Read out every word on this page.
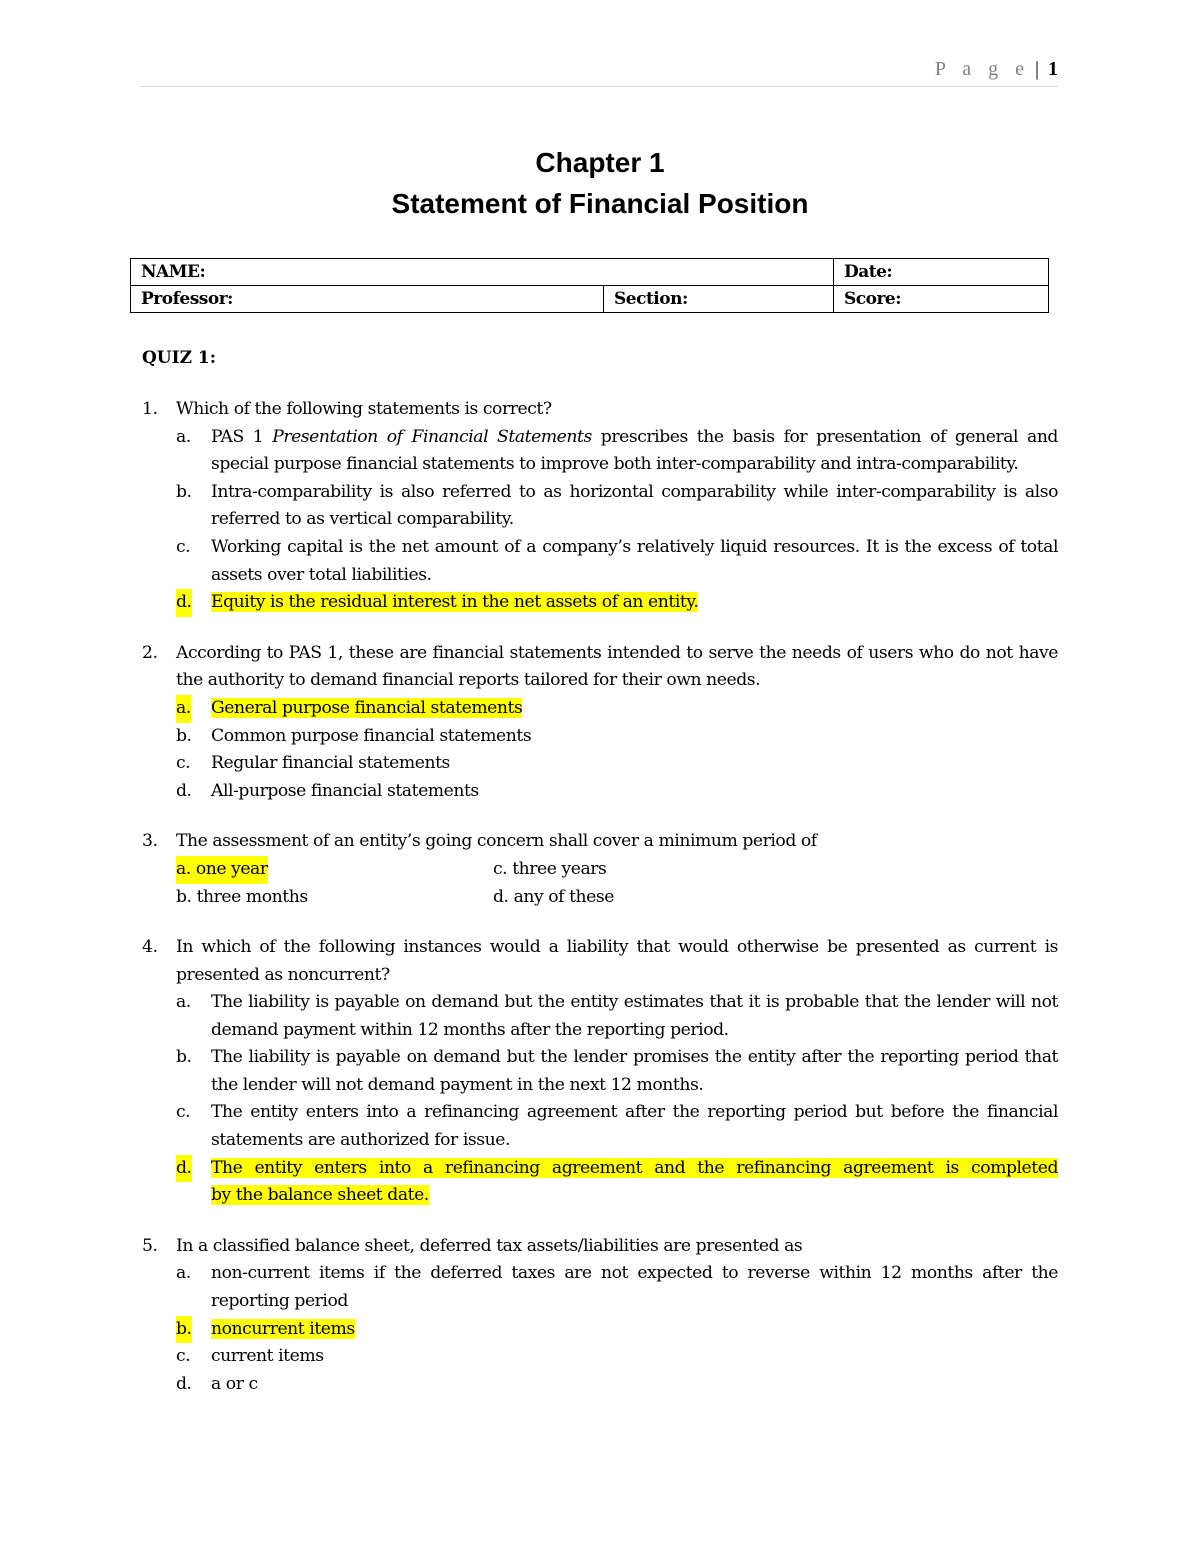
P a g e | 1
Chapter 1
Statement of Financial Position
NAME:		Date:
Professor:	Section:	Score:
QUIZ 1:
1. Which of the following statements is correct?
a. PAS 1 Presentation of Financial Statements prescribes the basis for presentation of general and special purpose financial statements to improve both inter-comparability and intra-comparability.
b. Intra-comparability is also referred to as horizontal comparability while inter-comparability is also referred to as vertical comparability.
c. Working capital is the net amount of a company’s relatively liquid resources. It is the excess of total assets over total liabilities.
d. Equity is the residual interest in the net assets of an entity.
2. According to PAS 1, these are financial statements intended to serve the needs of users who do not have the authority to demand financial reports tailored for their own needs.
a. General purpose financial statements
b. Common purpose financial statements
c. Regular financial statements
d. All-purpose financial statements
3. The assessment of an entity’s going concern shall cover a minimum period of
a. one year	c. three years
b. three months	d. any of these
4. In which of the following instances would a liability that would otherwise be presented as current is presented as noncurrent?
a. The liability is payable on demand but the entity estimates that it is probable that the lender will not demand payment within 12 months after the reporting period.
b. The liability is payable on demand but the lender promises the entity after the reporting period that the lender will not demand payment in the next 12 months.
c. The entity enters into a refinancing agreement after the reporting period but before the financial statements are authorized for issue.
d. The entity enters into a refinancing agreement and the refinancing agreement is completed
by the balance sheet date.
5. In a classified balance sheet, deferred tax assets/liabilities are presented as
a. non-current items if the deferred taxes are not expected to reverse within 12 months after the reporting period
b. noncurrent items
c. current items
d. a or c
